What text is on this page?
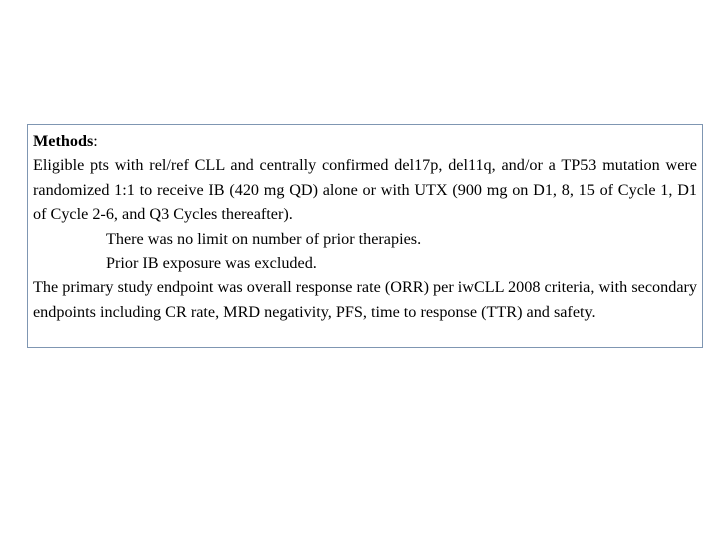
Methods:

Eligible pts with rel/ref CLL and centrally confirmed del17p, del11q, and/or a TP53 mutation were randomized 1:1 to receive IB (420 mg QD) alone or with UTX (900 mg on D1, 8, 15 of Cycle 1, D1 of Cycle 2-6, and Q3 Cycles thereafter).

There was no limit on number of prior therapies.

Prior IB exposure was excluded.

The primary study endpoint was overall response rate (ORR) per iwCLL 2008 criteria, with secondary endpoints including CR rate, MRD negativity, PFS, time to response (TTR) and safety.
